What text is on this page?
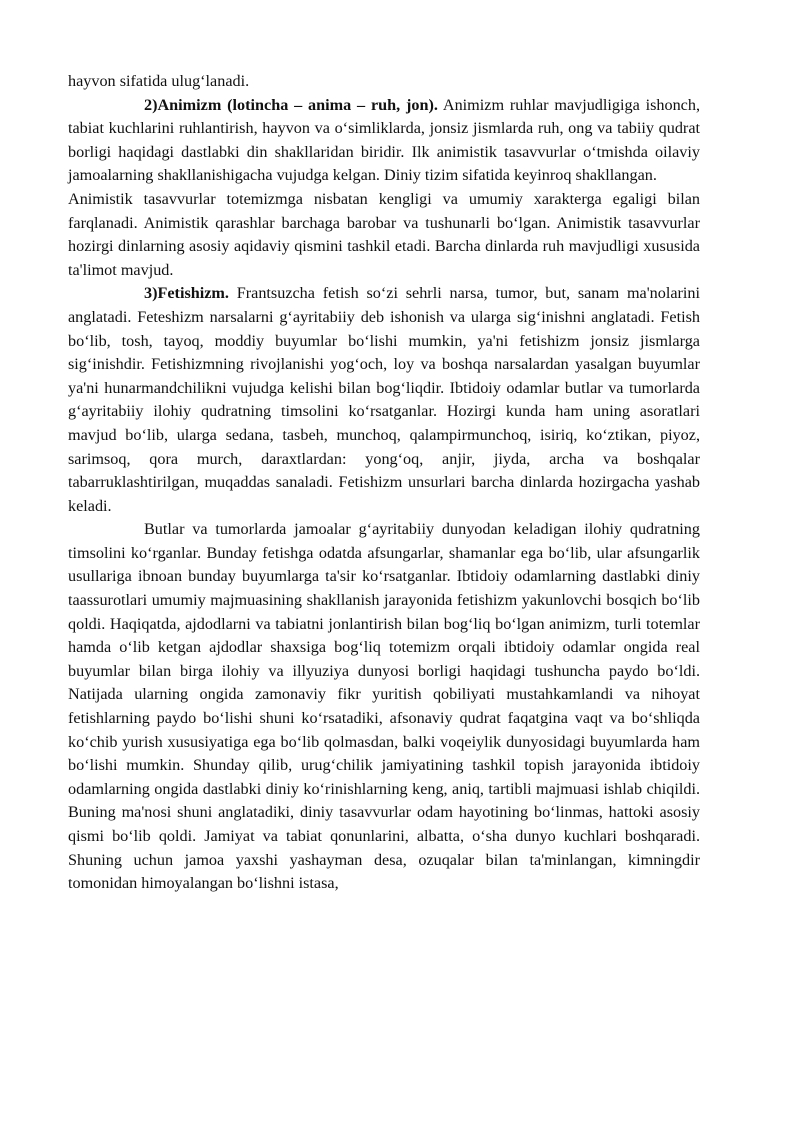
hayvon sifatida ulug‘lanadi.

2)Animizm (lotincha – anima – ruh, jon). Animizm ruhlar mavjudligiga ishonch, tabiat kuchlarini ruhlantirish, hayvon va o‘simliklarda, jonsiz jismlarda ruh, ong va tabiiy qudrat borligi haqidagi dastlabki din shakllaridan biridir. Ilk animistik tasavvurlar o‘tmishda oilaviy jamoalarning shakllanishigacha vujudga kelgan. Diniy tizim sifatida keyinroq shakllangan.

Animistik tasavvurlar totemizmga nisbatan kengligi va umumiy xarakterga egaligi bilan farqlanadi. Animistik qarashlar barchaga barobar va tushunarli bo‘lgan. Animistik tasavvurlar hozirgi dinlarning asosiy aqidaviy qismini tashkil etadi. Barcha dinlarda ruh mavjudligi xususida ta'limot mavjud.

3)Fetishizm. Frantsuzcha fetish so‘zi sehrli narsa, tumor, but, sanam ma'nolarini anglatadi. Feteshizm narsalarni g‘ayritabiiy deb ishonish va ularga sig‘inishni anglatadi. Fetish bo‘lib, tosh, tayoq, moddiy buyumlar bo‘lishi mumkin, ya'ni fetishizm jonsiz jismlarga sig‘inishdir. Fetishizmning rivojlanishi yog‘och, loy va boshqa narsalardan yasalgan buyumlar ya'ni hunarmandchilikni vujudga kelishi bilan bog‘liqdir. Ibtidoiy odamlar butlar va tumorlarda g‘ayritabiiy ilohiy qudratning timsolini ko‘rsatganlar. Hozirgi kunda ham uning asoratlari mavjud bo‘lib, ularga sedana, tasbeh, munchoq, qalampirmunchoq, isiriq, ko‘ztikan, piyoz, sarimsoq, qora murch, daraxtlardan: yong‘oq, anjir, jiyda, archa va boshqalar tabarruklashtirilgan, muqaddas sanaladi. Fetishizm unsurlari barcha dinlarda hozirgacha yashab keladi.

Butlar va tumorlarda jamoalar g‘ayritabiiy dunyodan keladigan ilohiy qudratning timsolini ko‘rganlar. Bunday fetishga odatda afsungarlar, shamanlar ega bo‘lib, ular afsungarlik usullariga ibnoan bunday buyumlarga ta'sir ko‘rsatganlar. Ibtidoiy odamlarning dastlabki diniy taassurotlari umumiy majmuasining shakllanish jarayonida fetishizm yakunlovchi bosqich bo‘lib qoldi. Haqiqatda, ajdodlarni va tabiatni jonlantirish bilan bog‘liq bo‘lgan animizm, turli totemlar hamda o‘lib ketgan ajdodlar shaxsiga bog‘liq totemizm orqali ibtidoiy odamlar ongida real buyumlar bilan birga ilohiy va illyuziya dunyosi borligi haqidagi tushuncha paydo bo‘ldi. Natijada ularning ongida zamonaviy fikr yuritish qobiliyati mustahkamlandi va nihoyat fetishlarning paydo bo‘lishi shuni ko‘rsatadiki, afsonaviy qudrat faqatgina vaqt va bo‘shliqda ko‘chib yurish xususiyatiga ega bo‘lib qolmasdan, balki voqeiylik dunyosidagi buyumlarda ham bo‘lishi mumkin. Shunday qilib, urug‘chilik jamiyatining tashkil topish jarayonida ibtidoiy odamlarning ongida dastlabki diniy ko‘rinishlarning keng, aniq, tartibli majmuasi ishlab chiqildi. Buning ma'nosi shuni anglatadiki, diniy tasavvurlar odam hayotining bo‘linmas, hattoki asosiy qismi bo‘lib qoldi. Jamiyat va tabiat qonunlarini, albatta, o‘sha dunyo kuchlari boshqaradi. Shuning uchun jamoa yaxshi yashayman desa, ozuqalar bilan ta'minlangan, kimningdir tomonidan himoyalangan bo‘lishni istasa,
